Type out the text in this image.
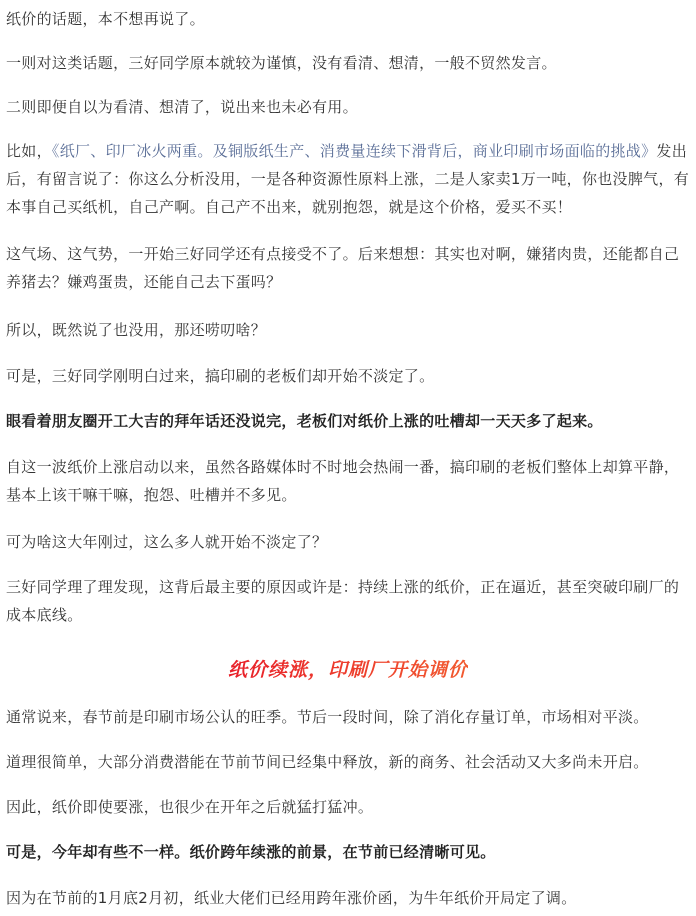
纸价的话题，本不想再说了。

一则对这类话题，三好同学原本就较为谨慎，没有看清、想清，一般不贸然发言。

二则即便自以为看清、想清了，说出来也未必有用。

比如，《纸厂、印厂冰火两重。及铜版纸生产、消费量连续下滑背后，商业印刷市场面临的挑战》发出后，有留言说了：你这么分析没用，一是各种资源性原料上涨，二是人家卖1万一吨，你也没脾气，有本事自己买纸机，自己产啊。自己产不出来，就别抱怨，就是这个价格，爱买不买！

这气场、这气势，一开始三好同学还有点接受不了。后来想想：其实也对啊，嫌猪肉贵，还能都自己养猪去？嫌鸡蛋贵，还能自己去下蛋吗？

所以，既然说了也没用，那还唠叨啥？

可是，三好同学刚明白过来，搞印刷的老板们却开始不淡定了。

眼看着朋友圈开工大吉的拜年话还没说完，老板们对纸价上涨的吐槽却一天天多了起来。

自这一波纸价上涨启动以来，虽然各路媒体时不时地会热闹一番，搞印刷的老板们整体上却算平静，基本上该干嘛干嘛，抱怨、吐槽并不多见。

可为啥这大年刚过，这么多人就开始不淡定了？

三好同学理了理发现，这背后最主要的原因或许是：持续上涨的纸价，正在逼近，甚至突破印刷厂的成本底线。

纸价续涨，印刷厂开始调价

通常说来，春节前是印刷市场公认的旺季。节后一段时间，除了消化存量订单，市场相对平淡。

道理很简单，大部分消费潜能在节前节间已经集中释放，新的商务、社会活动又大多尚未开启。

因此，纸价即使要涨，也很少在开年之后就猛打猛冲。

可是，今年却有些不一样。纸价跨年续涨的前景，在节前已经清晰可见。

因为在节前的1月底2月初，纸业大佬们已经用跨年涨价函，为牛年纸价开局定了调。
